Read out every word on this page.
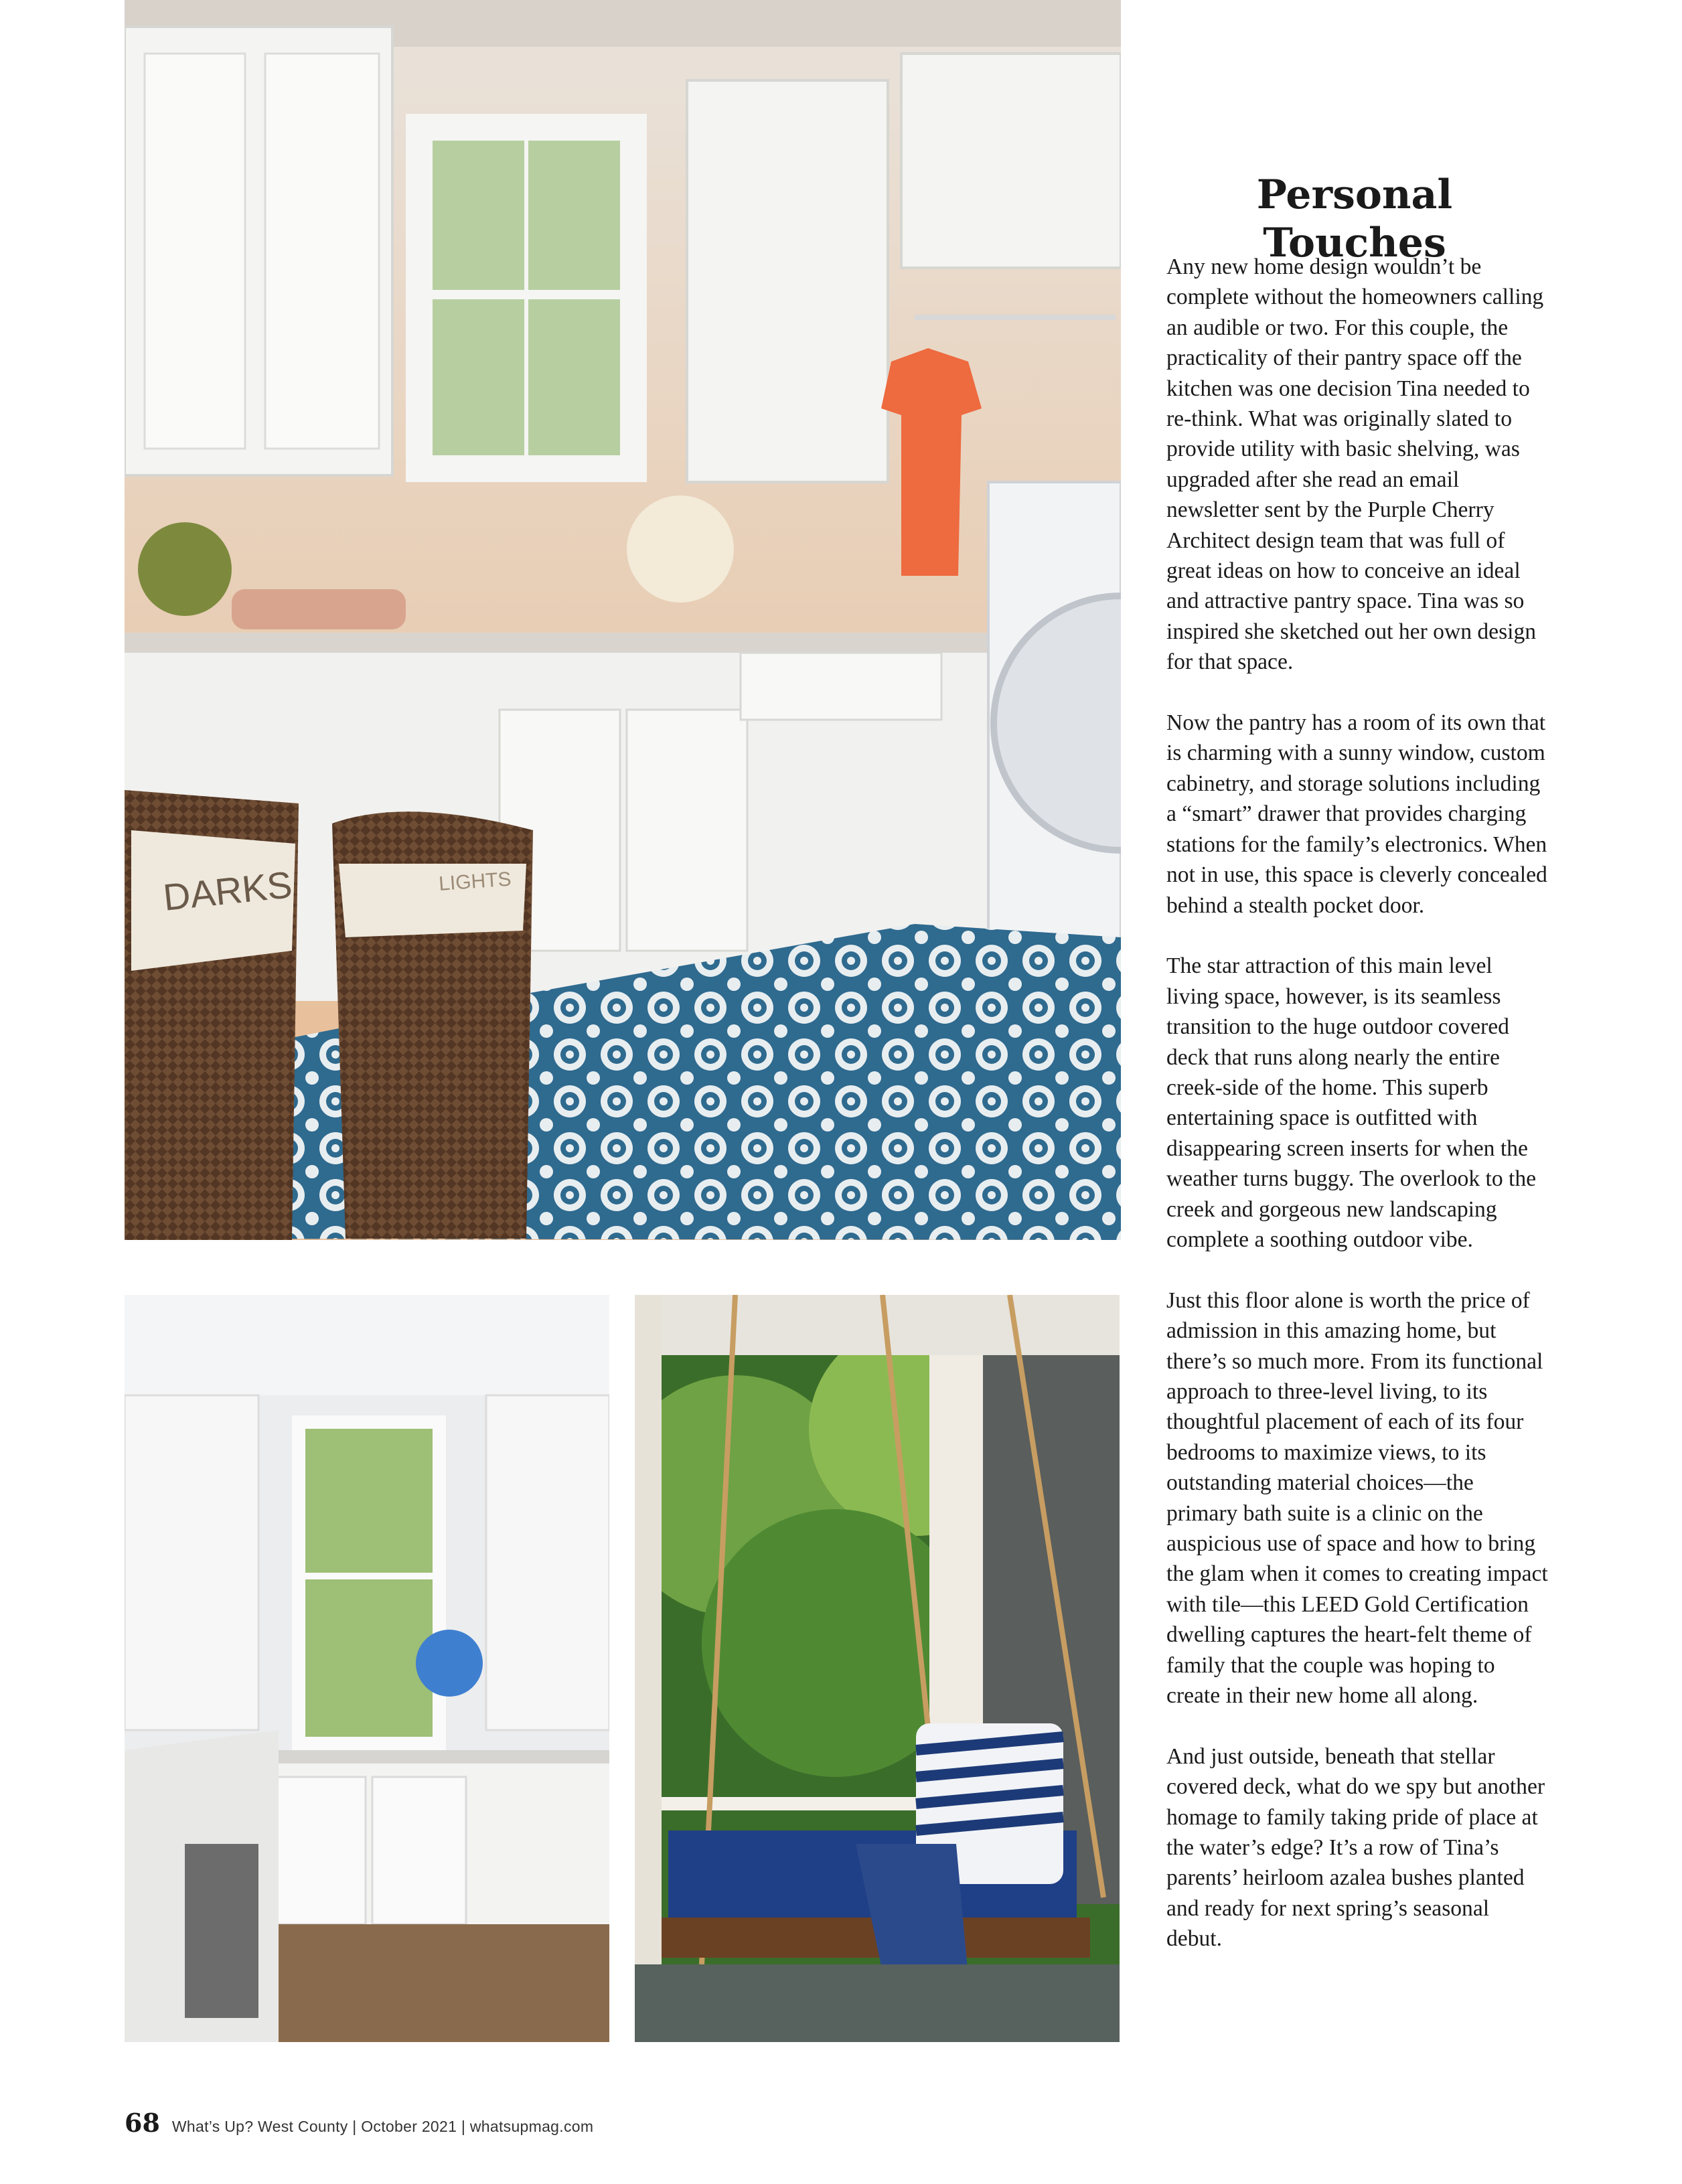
DARKS	LIGHTS
Personal Touches

Any new home design wouldn’t be complete without the homeowners calling an audible or two. For this couple, the practicality of their pantry space off the kitchen was one decision Tina needed to re-think. What was originally slated to provide utility with basic shelving, was upgraded after she read an email newsletter sent by the Purple Cherry Architect design team that was full of great ideas on how to conceive an ideal and attractive pantry space. Tina was so inspired she sketched out her own design for that space.

Now the pantry has a room of its own that is charming with a sunny window, custom cabinetry, and storage solutions including a “smart” drawer that provides charging stations for the family’s electronics. When not in use, this space is cleverly concealed behind a stealth pocket door.

The star attraction of this main level living space, however, is its seamless transition to the huge outdoor covered deck that runs along nearly the entire creek-side of the home. This superb entertaining space is outfitted with disappearing screen inserts for when the weather turns buggy. The overlook to the creek and gorgeous new landscaping complete a soothing outdoor vibe.

Just this floor alone is worth the price of admission in this amazing home, but there’s so much more. From its functional approach to three-level living, to its thoughtful placement of each of its four bedrooms to maximize views, to its outstanding material choices—the primary bath suite is a clinic on the auspicious use of space and how to bring the glam when it comes to creating impact with tile—this LEED Gold Certification dwelling captures the heart-felt theme of family that the couple was hoping to create in their new home all along.

And just outside, beneath that stellar covered deck, what do we spy but another homage to family taking pride of place at the water’s edge? It’s a row of Tina’s parents’ heirloom azalea bushes planted and ready for next spring’s seasonal debut.

68 What’s Up? West County | October 2021 | whatsupmag.com
